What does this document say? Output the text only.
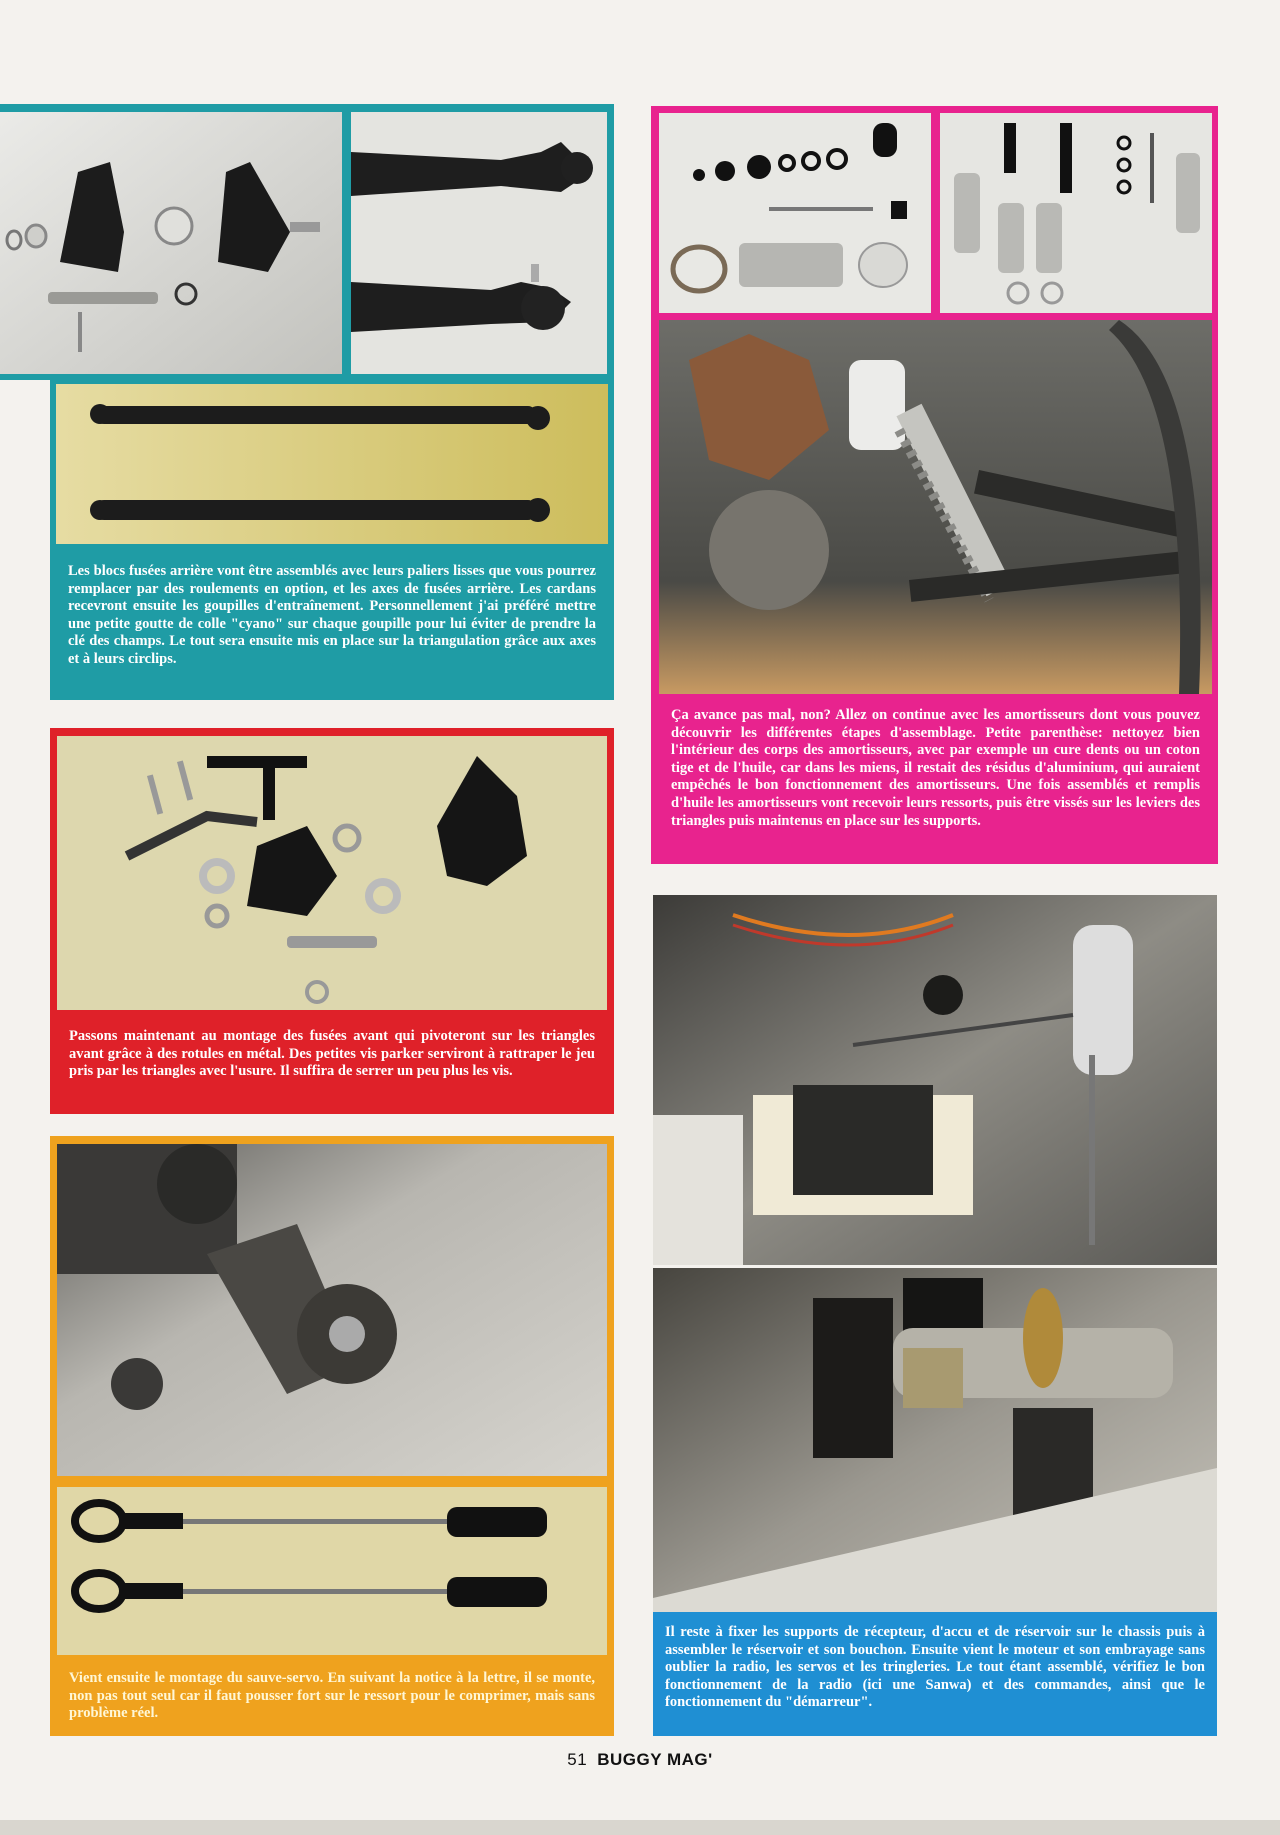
Les blocs fusées arrière vont être assemblés avec leurs paliers lisses que vous pourrez remplacer par des roulements en option, et les axes de fusées arrière. Les cardans recevront ensuite les goupilles d'entraînement. Personnellement j'ai préféré mettre une petite goutte de colle "cyano" sur chaque goupille pour lui éviter de prendre la clé des champs. Le tout sera ensuite mis en place sur la triangulation grâce aux axes et à leurs circlips.
Ça avance pas mal, non? Allez on continue avec les amortisseurs dont vous pouvez découvrir les différentes étapes d'assemblage. Petite parenthèse: nettoyez bien l'intérieur des corps des amortisseurs, avec par exemple un cure dents ou un coton tige et de l'huile, car dans les miens, il restait des résidus d'aluminium, qui auraient empêchés le bon fonctionnement des amortisseurs. Une fois assemblés et remplis d'huile les amortisseurs vont recevoir leurs ressorts, puis être vissés sur les leviers des triangles puis maintenus en place sur les supports.
Passons maintenant au montage des fusées avant qui pivoteront sur les triangles avant grâce à des rotules en métal. Des petites vis parker serviront à rattraper le jeu pris par les triangles avec l'usure. Il suffira de serrer un peu plus les vis.
Vient ensuite le montage du sauve-servo. En suivant la notice à la lettre, il se monte, non pas tout seul car il faut pousser fort sur le ressort pour le comprimer, mais sans problème réel.
Il reste à fixer les supports de récepteur, d'accu et de réservoir sur le chassis puis à assembler le réservoir et son bouchon. Ensuite vient le moteur et son embrayage sans oublier la radio, les servos et les tringleries. Le tout étant assemblé, vérifiez le bon fonctionnement de la radio (ici une Sanwa) et des commandes, ainsi que le fonctionnement du "démarreur".
51 BUGGY MAG'
